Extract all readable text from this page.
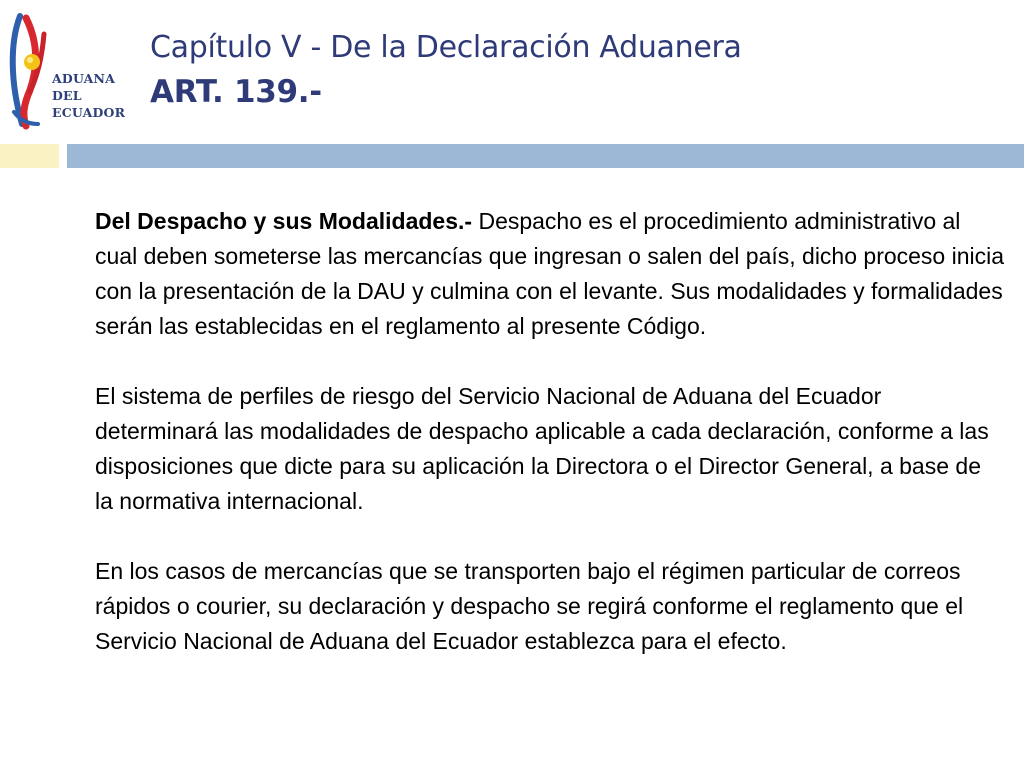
ADUANA
DEL
ECUADOR
Capítulo V - De la Declaración Aduanera
ART. 139.-

Del Despacho y sus Modalidades.- Despacho es el procedimiento administrativo al cual deben someterse las mercancías que ingresan o salen del país, dicho proceso inicia con la presentación de la DAU y culmina con el levante. Sus modalidades y formalidades serán las establecidas en el reglamento al presente Código.

El sistema de perfiles de riesgo del Servicio Nacional de Aduana del Ecuador determinará las modalidades de despacho aplicable a cada declaración, conforme a las disposiciones que dicte para su aplicación la Directora o el Director General, a base de la normativa internacional.

En los casos de mercancías que se transporten bajo el régimen particular de correos rápidos o courier, su declaración y despacho se regirá conforme el reglamento que el Servicio Nacional de Aduana del Ecuador establezca para el efecto.
